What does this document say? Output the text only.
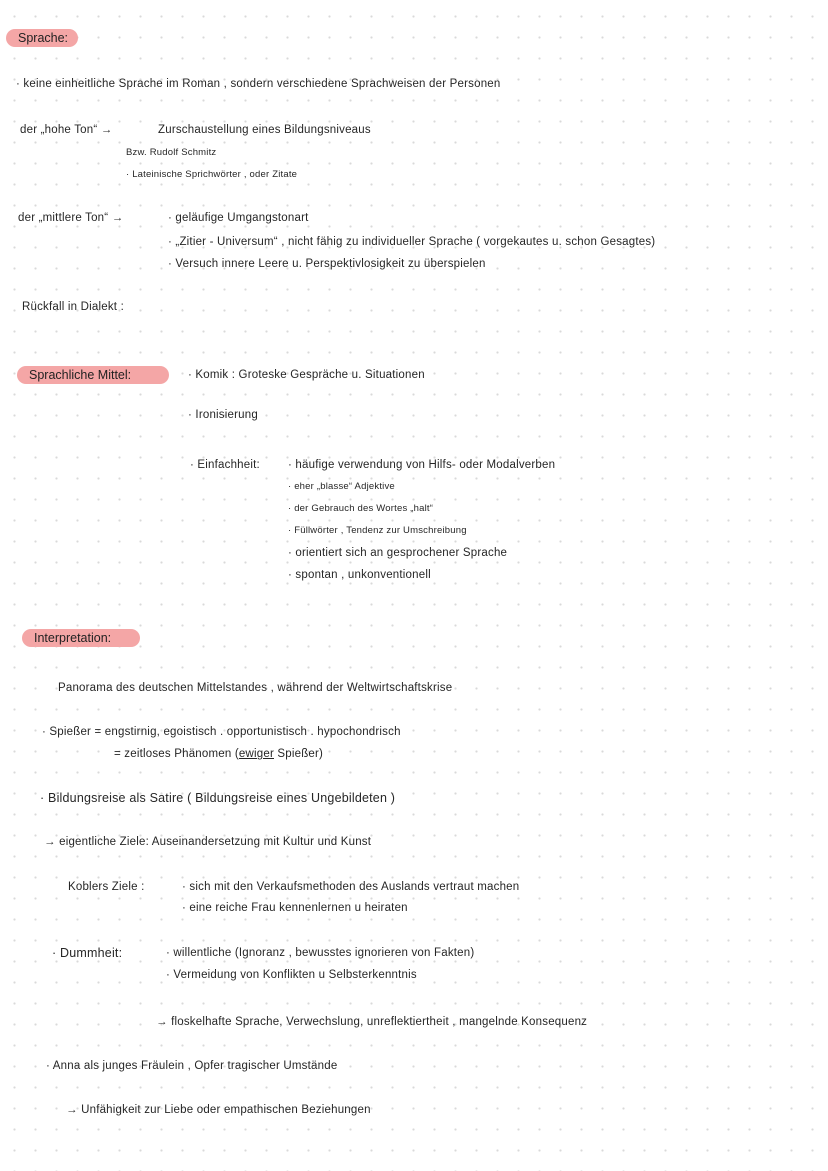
Sprache:
· keine einheitliche Sprache im Roman , sondern verschiedene Sprachweisen der Personen
der „hohe Ton“ →	Zurschaustellung eines Bildungsniveaus
Bzw. Rudolf Schmitz
· Lateinische Sprichwörter , oder Zitate
der „mittlere Ton“ →	· geläufige Umgangstonart
· „Zitier - Universum“ , nicht fähig zu individueller Sprache ( vorgekautes u. schon Gesagtes)
· Versuch innere Leere u. Perspektivlosigkeit zu überspielen
Rückfall in Dialekt :
Sprachliche Mittel:	· Komik : Groteske Gespräche u. Situationen
· Ironisierung
· Einfachheit: · häufige verwendung von Hilfs- oder Modalverben
· eher „blasse“ Adjektive
· der Gebrauch des Wortes „halt“
· Füllwörter , Tendenz zur Umschreibung
· orientiert sich an gesprochener Sprache
· spontan , unkonventionell
Interpretation:
Panorama des deutschen Mittelstandes , während der Weltwirtschaftskrise
· Spießer = engstirnig, egoistisch . opportunistisch . hypochondrisch
= zeitloses Phänomen (ewiger Spießer)
· Bildungsreise als Satire ( Bildungsreise eines Ungebildeten )
→ eigentliche Ziele: Auseinandersetzung mit Kultur und Kunst
Koblers Ziele :	· sich mit den Verkaufsmethoden des Auslands vertraut machen
· eine reiche Frau kennenlernen u heiraten
· Dummheit:	· willentliche (Ignoranz , bewusstes ignorieren von Fakten)
· Vermeidung von Konflikten u Selbsterkenntnis
→ floskelhafte Sprache, Verwechslung, unreflektiertheit , mangelnde Konsequenz
· Anna als junges Fräulein , Opfer tragischer Umstände
→ Unfähigkeit zur Liebe oder empathischen Beziehungen
